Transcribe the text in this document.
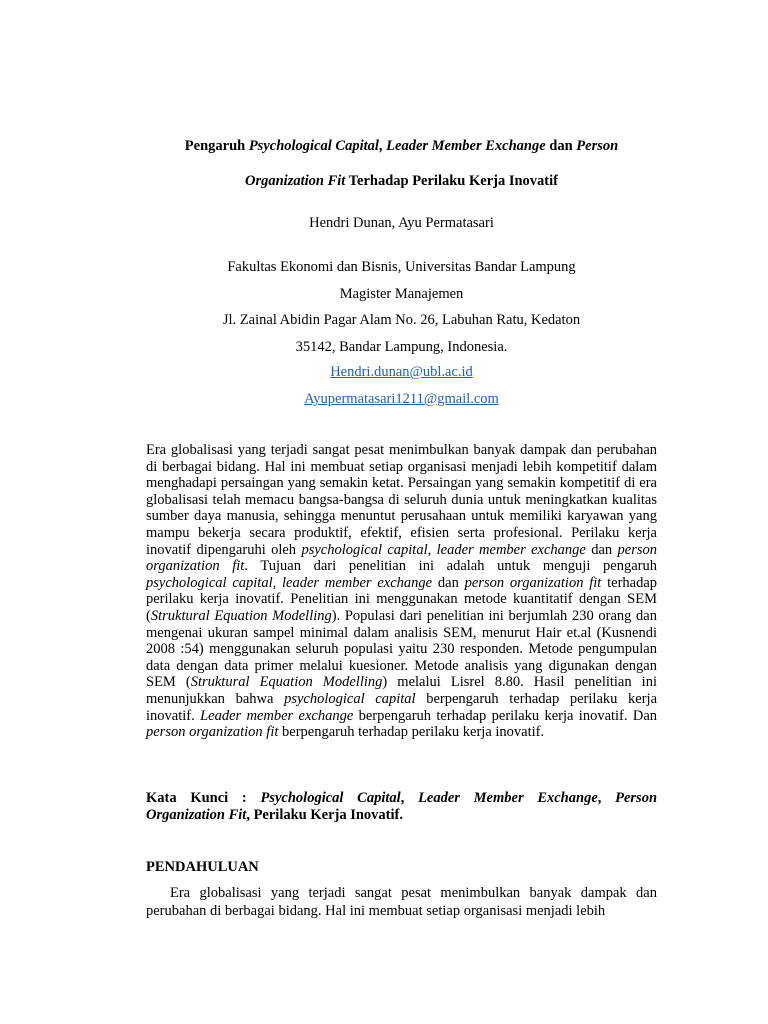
Pengaruh Psychological Capital, Leader Member Exchange dan Person
Organization Fit Terhadap Perilaku Kerja Inovatif
Hendri Dunan, Ayu Permatasari
Fakultas Ekonomi dan Bisnis, Universitas Bandar Lampung
Magister Manajemen
Jl. Zainal Abidin Pagar Alam No. 26, Labuhan Ratu, Kedaton
35142, Bandar Lampung, Indonesia.
Hendri.dunan@ubl.ac.id
Ayupermatasari1211@gmail.com

Era globalisasi yang terjadi sangat pesat menimbulkan banyak dampak dan perubahan di berbagai bidang. Hal ini membuat setiap organisasi menjadi lebih kompetitif dalam menghadapi persaingan yang semakin ketat. Persaingan yang semakin kompetitif di era globalisasi telah memacu bangsa-bangsa di seluruh dunia untuk meningkatkan kualitas sumber daya manusia, sehingga menuntut perusahaan untuk memiliki karyawan yang mampu bekerja secara produktif, efektif, efisien serta profesional. Perilaku kerja inovatif dipengaruhi oleh psychological capital, leader member exchange dan person organization fit. Tujuan dari penelitian ini adalah untuk menguji pengaruh psychological capital, leader member exchange dan person organization fit terhadap perilaku kerja inovatif. Penelitian ini menggunakan metode kuantitatif dengan SEM (Struktural Equation Modelling). Populasi dari penelitian ini berjumlah 230 orang dan mengenai ukuran sampel minimal dalam analisis SEM, menurut Hair et.al (Kusnendi 2008 :54) menggunakan seluruh populasi yaitu 230 responden. Metode pengumpulan data dengan data primer melalui kuesioner. Metode analisis yang digunakan dengan SEM (Struktural Equation Modelling) melalui Lisrel 8.80. Hasil penelitian ini menunjukkan bahwa psychological capital berpengaruh terhadap perilaku kerja inovatif. Leader member exchange berpengaruh terhadap perilaku kerja inovatif. Dan person organization fit berpengaruh terhadap perilaku kerja inovatif.

Kata Kunci : Psychological Capital, Leader Member Exchange, Person Organization Fit, Perilaku Kerja Inovatif.

PENDAHULUAN

Era globalisasi yang terjadi sangat pesat menimbulkan banyak dampak dan perubahan di berbagai bidang. Hal ini membuat setiap organisasi menjadi lebih
